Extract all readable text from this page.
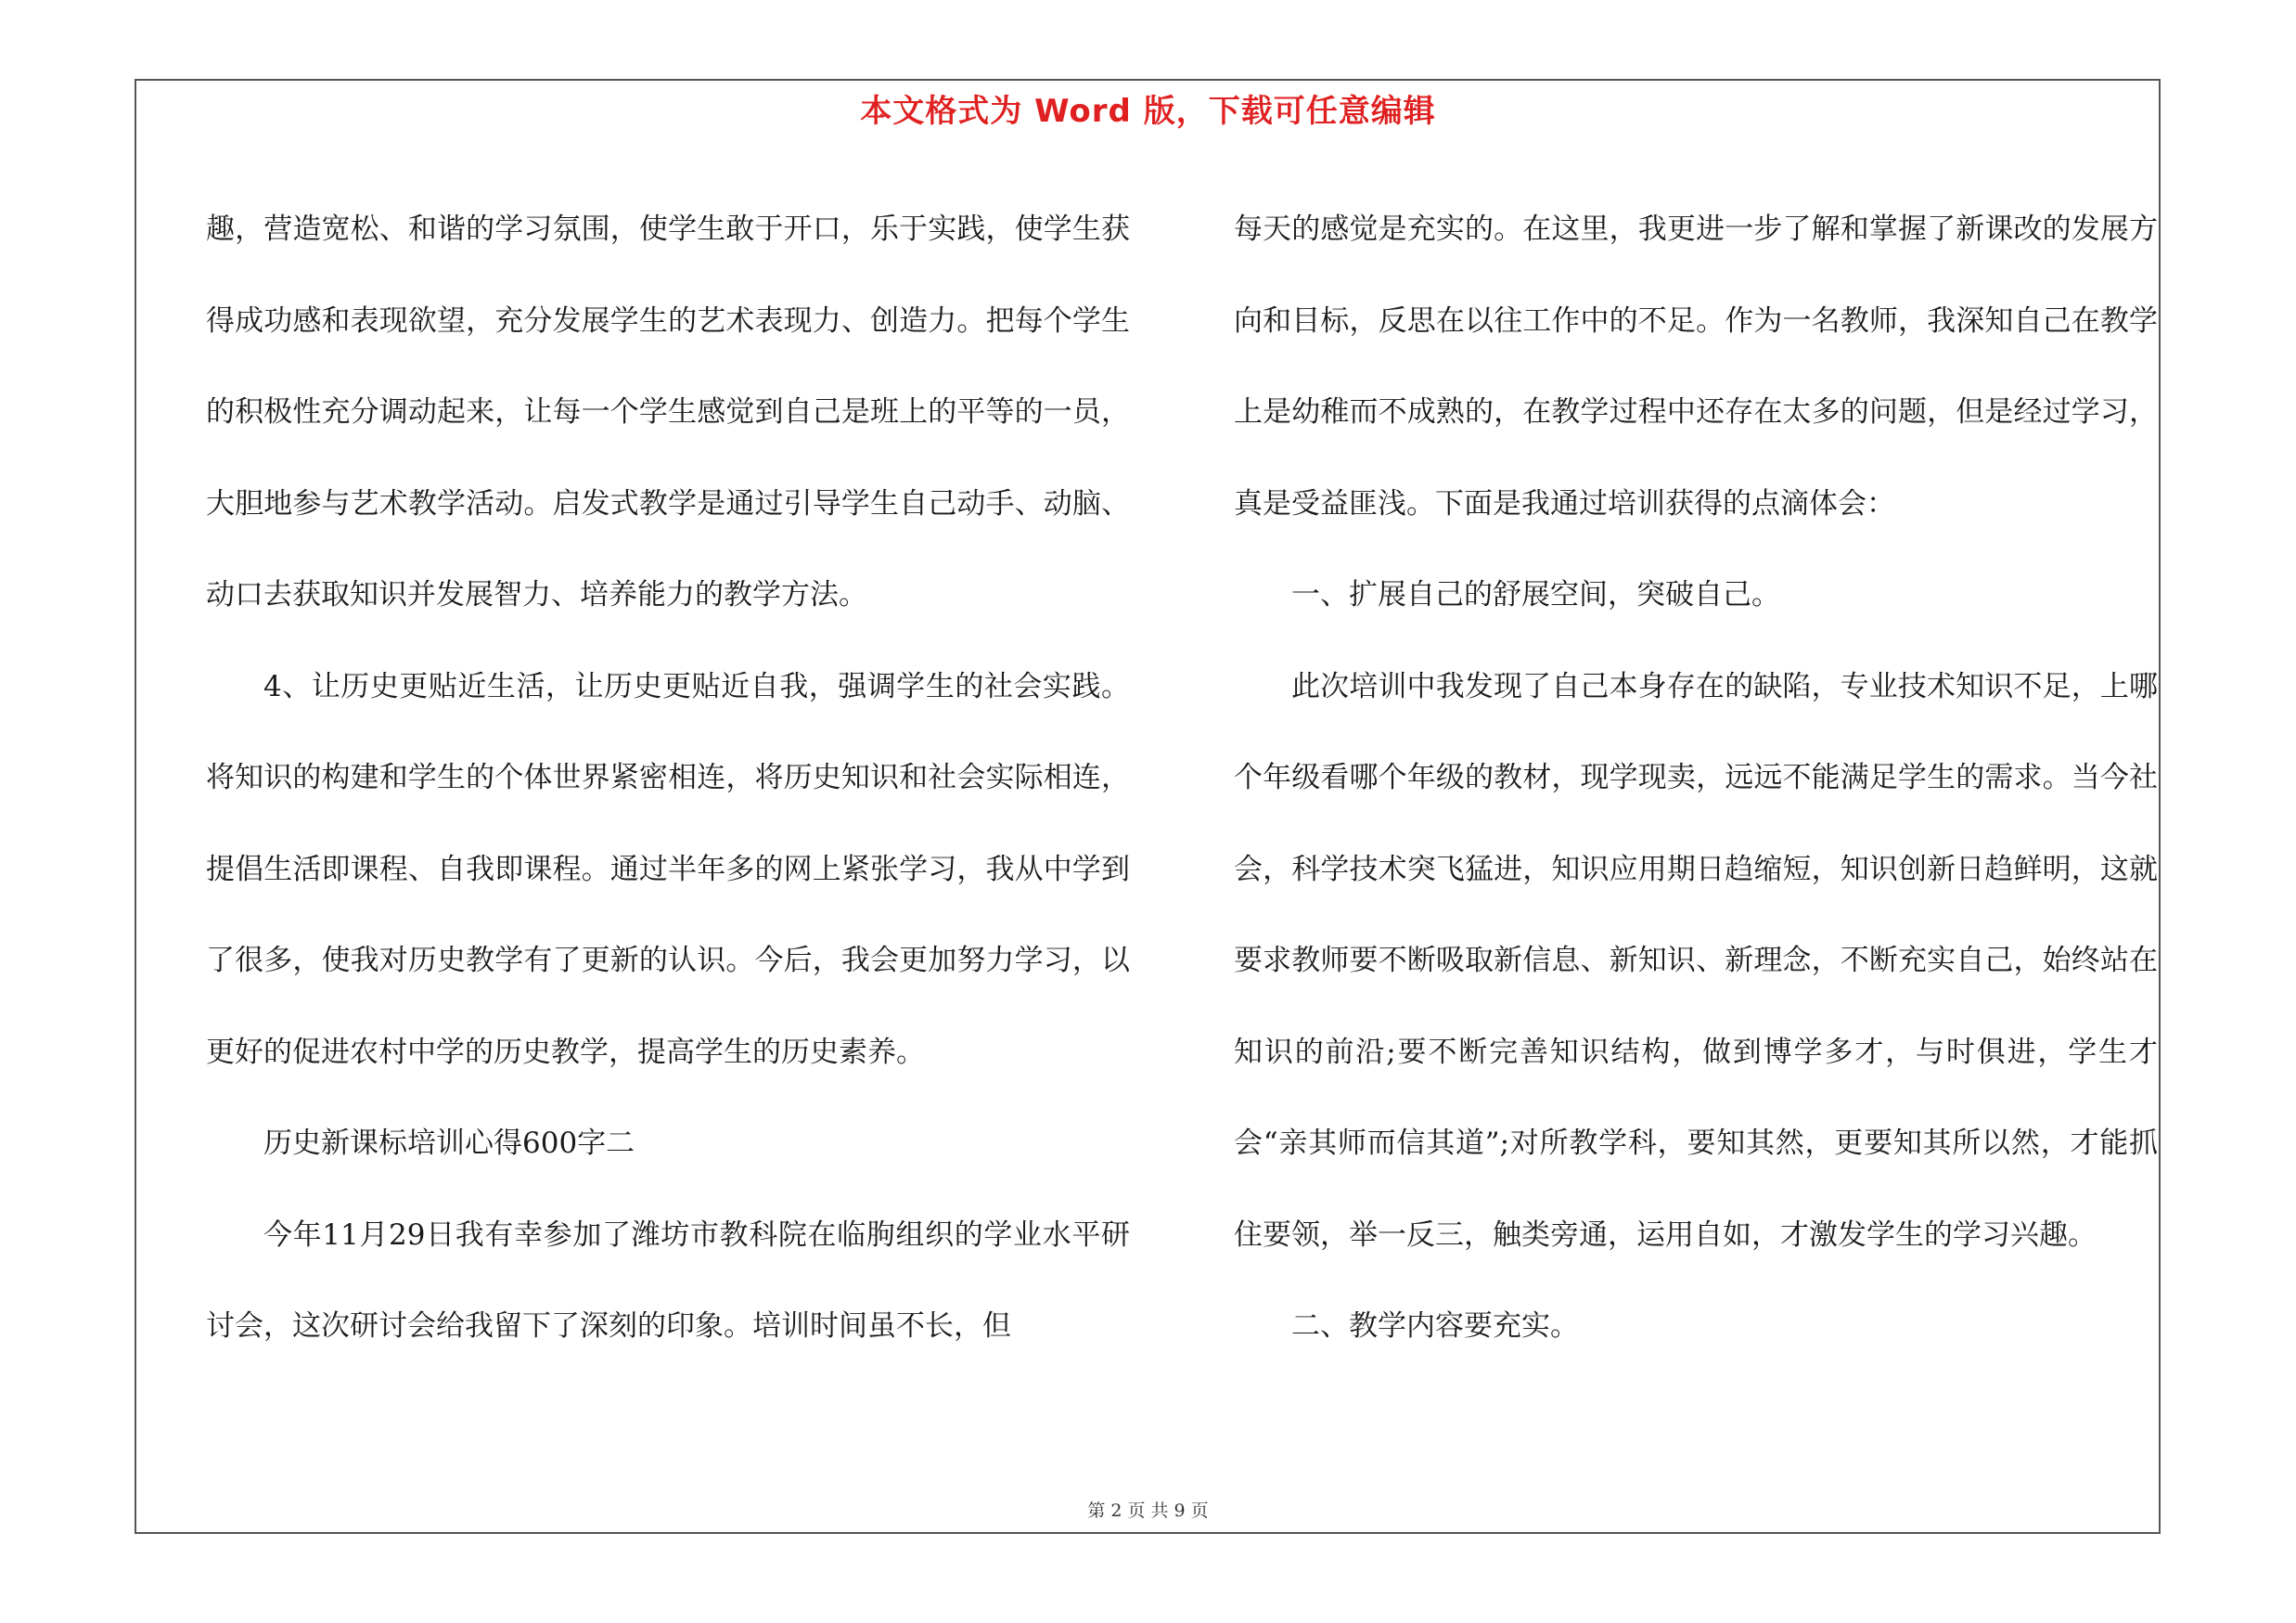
本文格式为 Word 版，下载可任意编辑

趣，营造宽松、和谐的学习氛围，使学生敢于开口，乐于实践，使学生获得成功感和表现欲望，充分发展学生的艺术表现力、创造力。把每个学生的积极性充分调动起来，让每一个学生感觉到自己是班上的平等的一员，大胆地参与艺术教学活动。启发式教学是通过引导学生自己动手、动脑、动口去获取知识并发展智力、培养能力的教学方法。

4、让历史更贴近生活，让历史更贴近自我，强调学生的社会实践。将知识的构建和学生的个体世界紧密相连，将历史知识和社会实际相连，提倡生活即课程、自我即课程。通过半年多的网上紧张学习，我从中学到了很多，使我对历史教学有了更新的认识。今后，我会更加努力学习，以更好的促进农村中学的历史教学，提高学生的历史素养。

历史新课标培训心得600字二

今年11月29日我有幸参加了潍坊市教科院在临朐组织的学业水平研讨会，这次研讨会给我留下了深刻的印象。培训时间虽不长，但

每天的感觉是充实的。在这里，我更进一步了解和掌握了新课改的发展方向和目标，反思在以往工作中的不足。作为一名教师，我深知自己在教学上是幼稚而不成熟的，在教学过程中还存在太多的问题，但是经过学习，真是受益匪浅。下面是我通过培训获得的点滴体会：

一、扩展自己的舒展空间，突破自己。

此次培训中我发现了自己本身存在的缺陷，专业技术知识不足，上哪个年级看哪个年级的教材，现学现卖，远远不能满足学生的需求。当今社会，科学技术突飞猛进，知识应用期日趋缩短，知识创新日趋鲜明，这就要求教师要不断吸取新信息、新知识、新理念，不断充实自己，始终站在知识的前沿;要不断完善知识结构，做到博学多才，与时俱进，学生才会“亲其师而信其道”;对所教学科，要知其然，更要知其所以然，才能抓住要领，举一反三，触类旁通，运用自如，才激发学生的学习兴趣。

二、教学内容要充实。

第 2 页 共 9 页
